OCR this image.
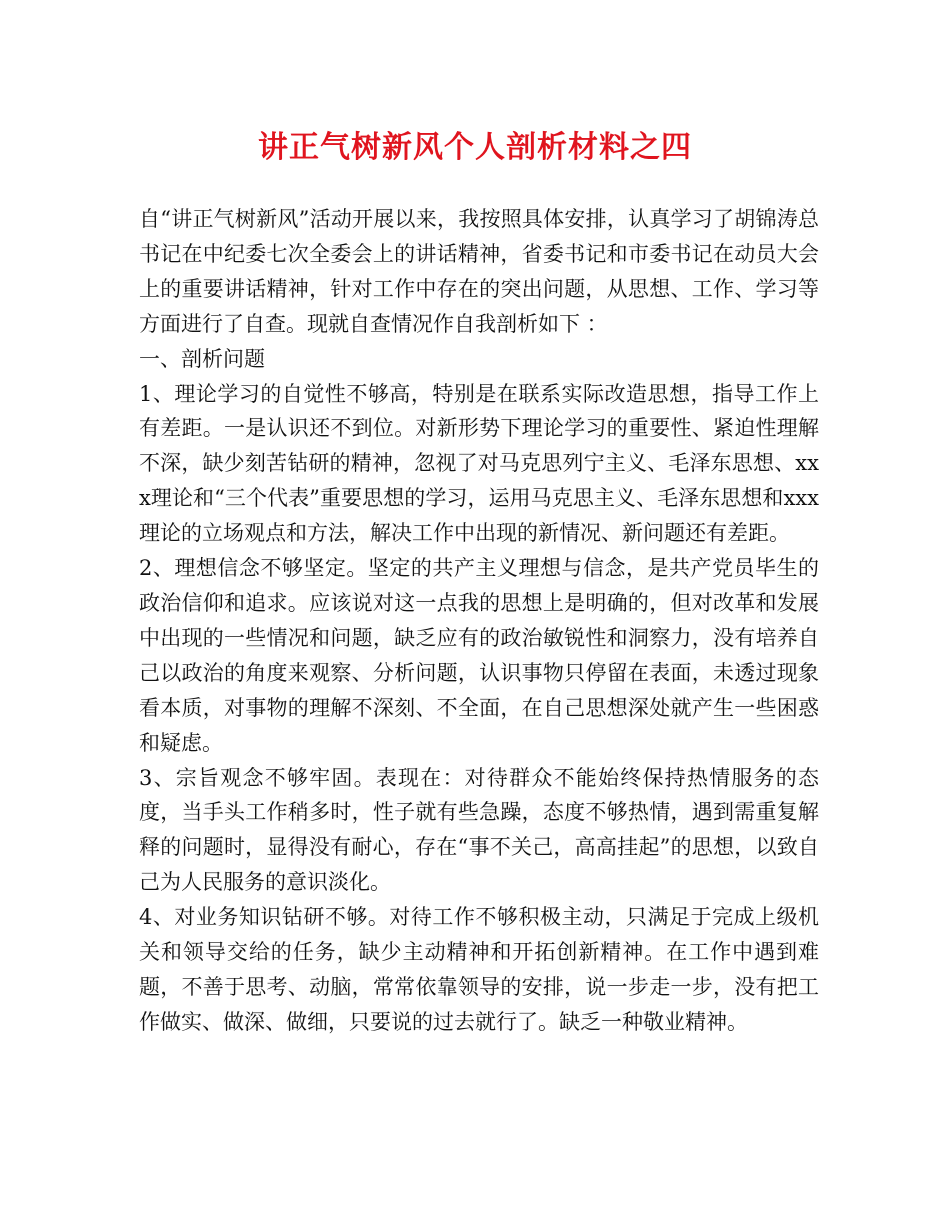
讲正气树新风个人剖析材料之四

自“讲正气树新风”活动开展以来，我按照具体安排，认真学习了胡锦涛总书记在中纪委七次全委会上的讲话精神，省委书记和市委书记在动员大会上的重要讲话精神，针对工作中存在的突出问题，从思想、工作、学习等方面进行了自查。现就自查情况作自我剖析如下 ：

一、剖析问题

1、理论学习的自觉性不够高，特别是在联系实际改造思想，指导工作上有差距。一是认识还不到位。对新形势下理论学习的重要性、紧迫性理解不深，缺少刻苦钻研的精神，忽视了对马克思列宁主义、毛泽东思想、xxx理论和“三个代表”重要思想的学习，运用马克思主义、毛泽东思想和xxx理论的立场观点和方法，解决工作中出现的新情况、新问题还有差距。

2、理想信念不够坚定。坚定的共产主义理想与信念，是共产党员毕生的政治信仰和追求。应该说对这一点我的思想上是明确的，但对改革和发展中出现的一些情况和问题，缺乏应有的政治敏锐性和洞察力，没有培养自己以政治的角度来观察、分析问题，认识事物只停留在表面，未透过现象看本质，对事物的理解不深刻、不全面，在自己思想深处就产生一些困惑和疑虑。

3、宗旨观念不够牢固。表现在：对待群众不能始终保持热情服务的态度，当手头工作稍多时，性子就有些急躁，态度不够热情，遇到需重复解释的问题时，显得没有耐心，存在“事不关己，高高挂起”的思想，以致自己为人民服务的意识淡化。

4、对业务知识钻研不够。对待工作不够积极主动，只满足于完成上级机关和领导交给的任务，缺少主动精神和开拓创新精神。在工作中遇到难题，不善于思考、动脑，常常依靠领导的安排，说一步走一步，没有把工作做实、做深、做细，只要说的过去就行了。缺乏一种敬业精神。
